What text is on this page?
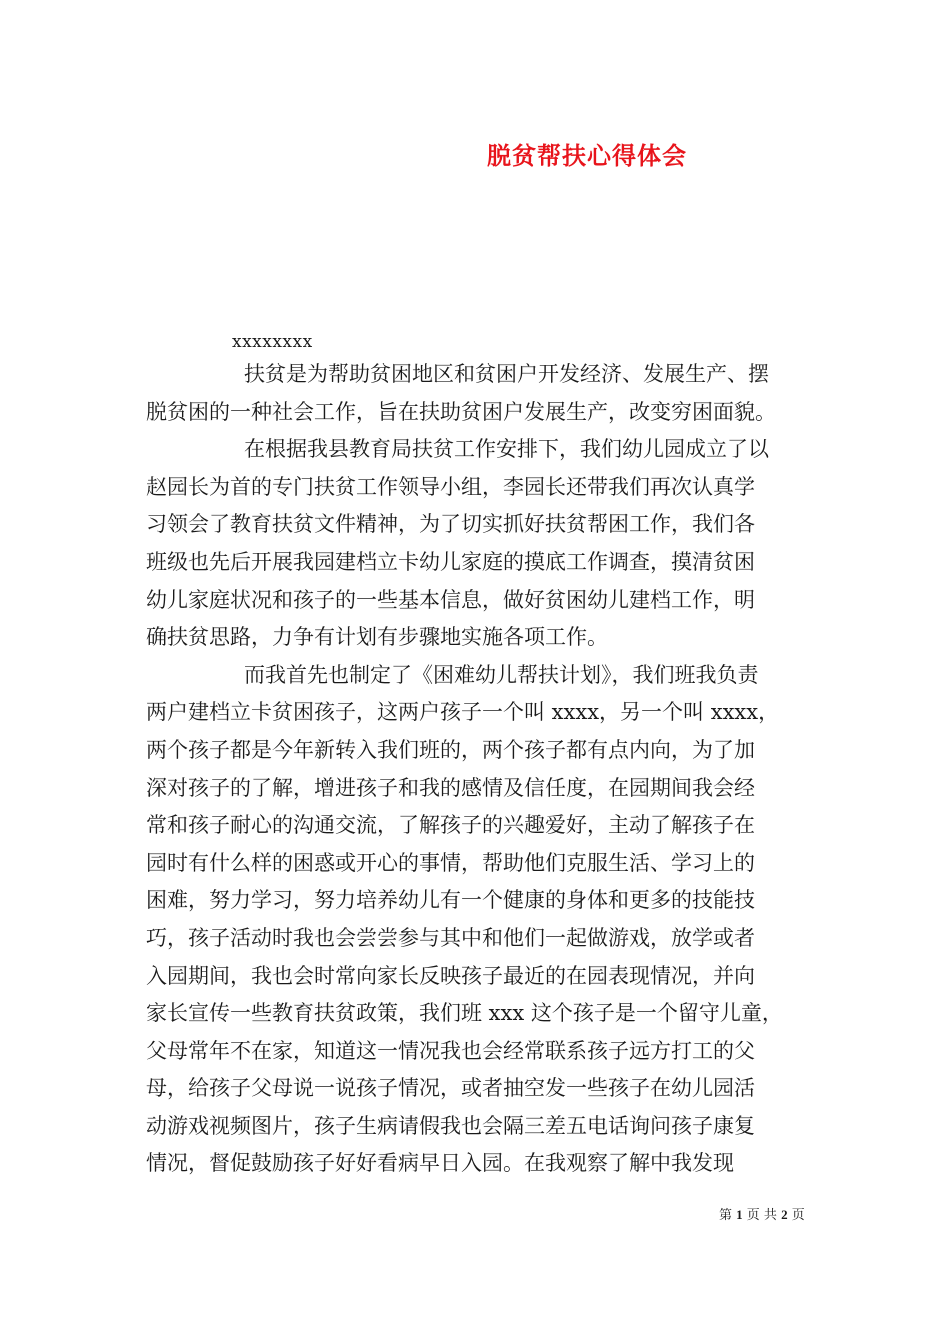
脱贫帮扶心得体会
xxxxxxxx
扶贫是为帮助贫困地区和贫困户开发经济、发展生产、摆
脱贫困的一种社会工作，旨在扶助贫困户发展生产，改变穷困面貌。
在根据我县教育局扶贫工作安排下，我们幼儿园成立了以
赵园长为首的专门扶贫工作领导小组，李园长还带我们再次认真学
习领会了教育扶贫文件精神，为了切实抓好扶贫帮困工作，我们各
班级也先后开展我园建档立卡幼儿家庭的摸底工作调查，摸清贫困
幼儿家庭状况和孩子的一些基本信息，做好贫困幼儿建档工作，明
确扶贫思路，力争有计划有步骤地实施各项工作。
而我首先也制定了《困难幼儿帮扶计划》，我们班我负责
两户建档立卡贫困孩子，这两户孩子一个叫 xxxx，另一个叫 xxxx，
两个孩子都是今年新转入我们班的，两个孩子都有点内向，为了加
深对孩子的了解，增进孩子和我的感情及信任度，在园期间我会经
常和孩子耐心的沟通交流，了解孩子的兴趣爱好，主动了解孩子在
园时有什么样的困惑或开心的事情，帮助他们克服生活、学习上的
困难，努力学习，努力培养幼儿有一个健康的身体和更多的技能技
巧，孩子活动时我也会尝尝参与其中和他们一起做游戏，放学或者
入园期间，我也会时常向家长反映孩子最近的在园表现情况，并向
家长宣传一些教育扶贫政策，我们班 xxx 这个孩子是一个留守儿童，
父母常年不在家，知道这一情况我也会经常联系孩子远方打工的父
母，给孩子父母说一说孩子情况，或者抽空发一些孩子在幼儿园活
动游戏视频图片，孩子生病请假我也会隔三差五电话询问孩子康复
情况，督促鼓励孩子好好看病早日入园。在我观察了解中我发现
第 1 页 共 2 页
